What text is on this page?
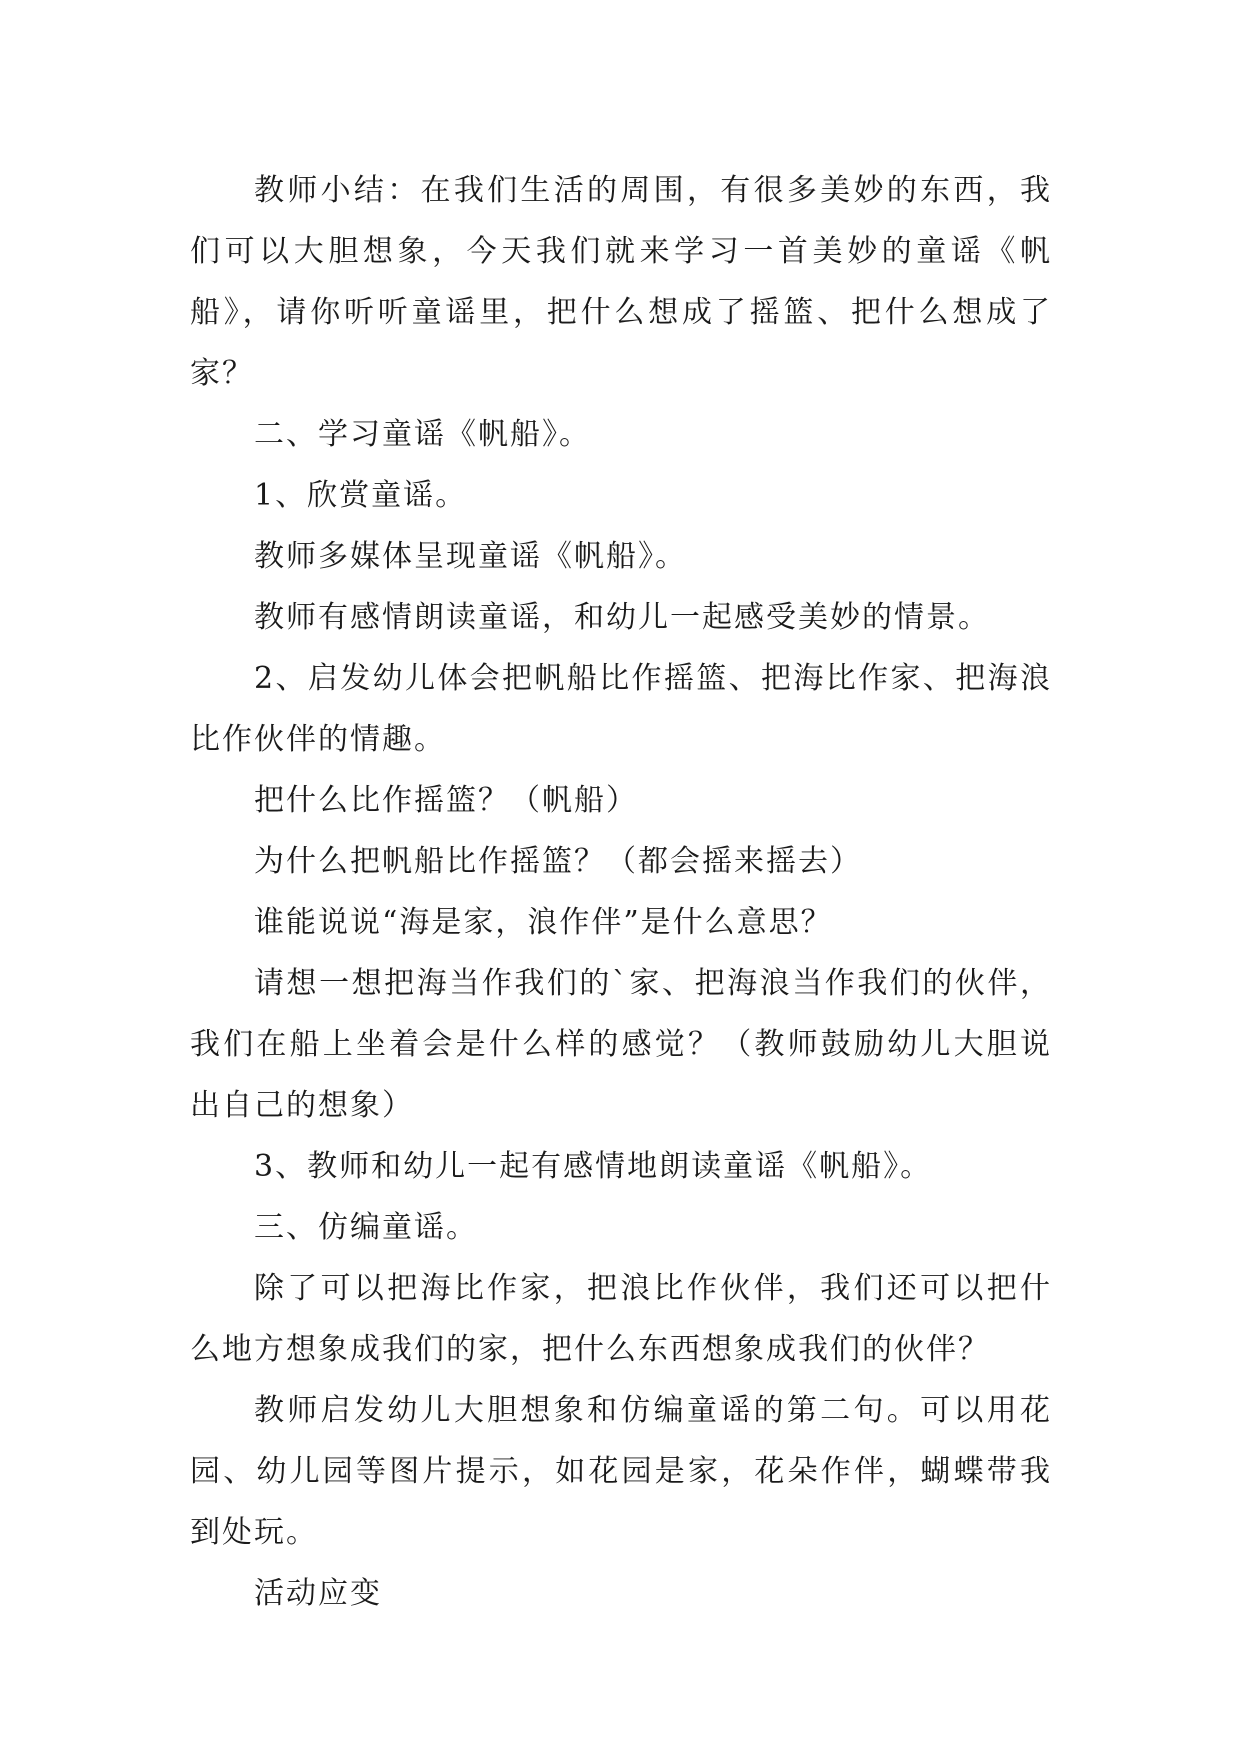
教师小结：在我们生活的周围，有很多美妙的东西，我们可以大胆想象，今天我们就来学习一首美妙的童谣《帆船》，请你听听童谣里，把什么想成了摇篮、把什么想成了家？

二、学习童谣《帆船》。

1、欣赏童谣。

教师多媒体呈现童谣《帆船》。

教师有感情朗读童谣，和幼儿一起感受美妙的情景。

2、启发幼儿体会把帆船比作摇篮、把海比作家、把海浪比作伙伴的情趣。

把什么比作摇篮？（帆船）

为什么把帆船比作摇篮？（都会摇来摇去）

谁能说说“海是家，浪作伴”是什么意思？

请想一想把海当作我们的`家、把海浪当作我们的伙伴，我们在船上坐着会是什么样的感觉？（教师鼓励幼儿大胆说出自己的想象）

3、教师和幼儿一起有感情地朗读童谣《帆船》。

三、仿编童谣。

除了可以把海比作家，把浪比作伙伴，我们还可以把什么地方想象成我们的家，把什么东西想象成我们的伙伴？

教师启发幼儿大胆想象和仿编童谣的第二句。可以用花园、幼儿园等图片提示，如花园是家，花朵作伴，蝴蝶带我到处玩。

活动应变
